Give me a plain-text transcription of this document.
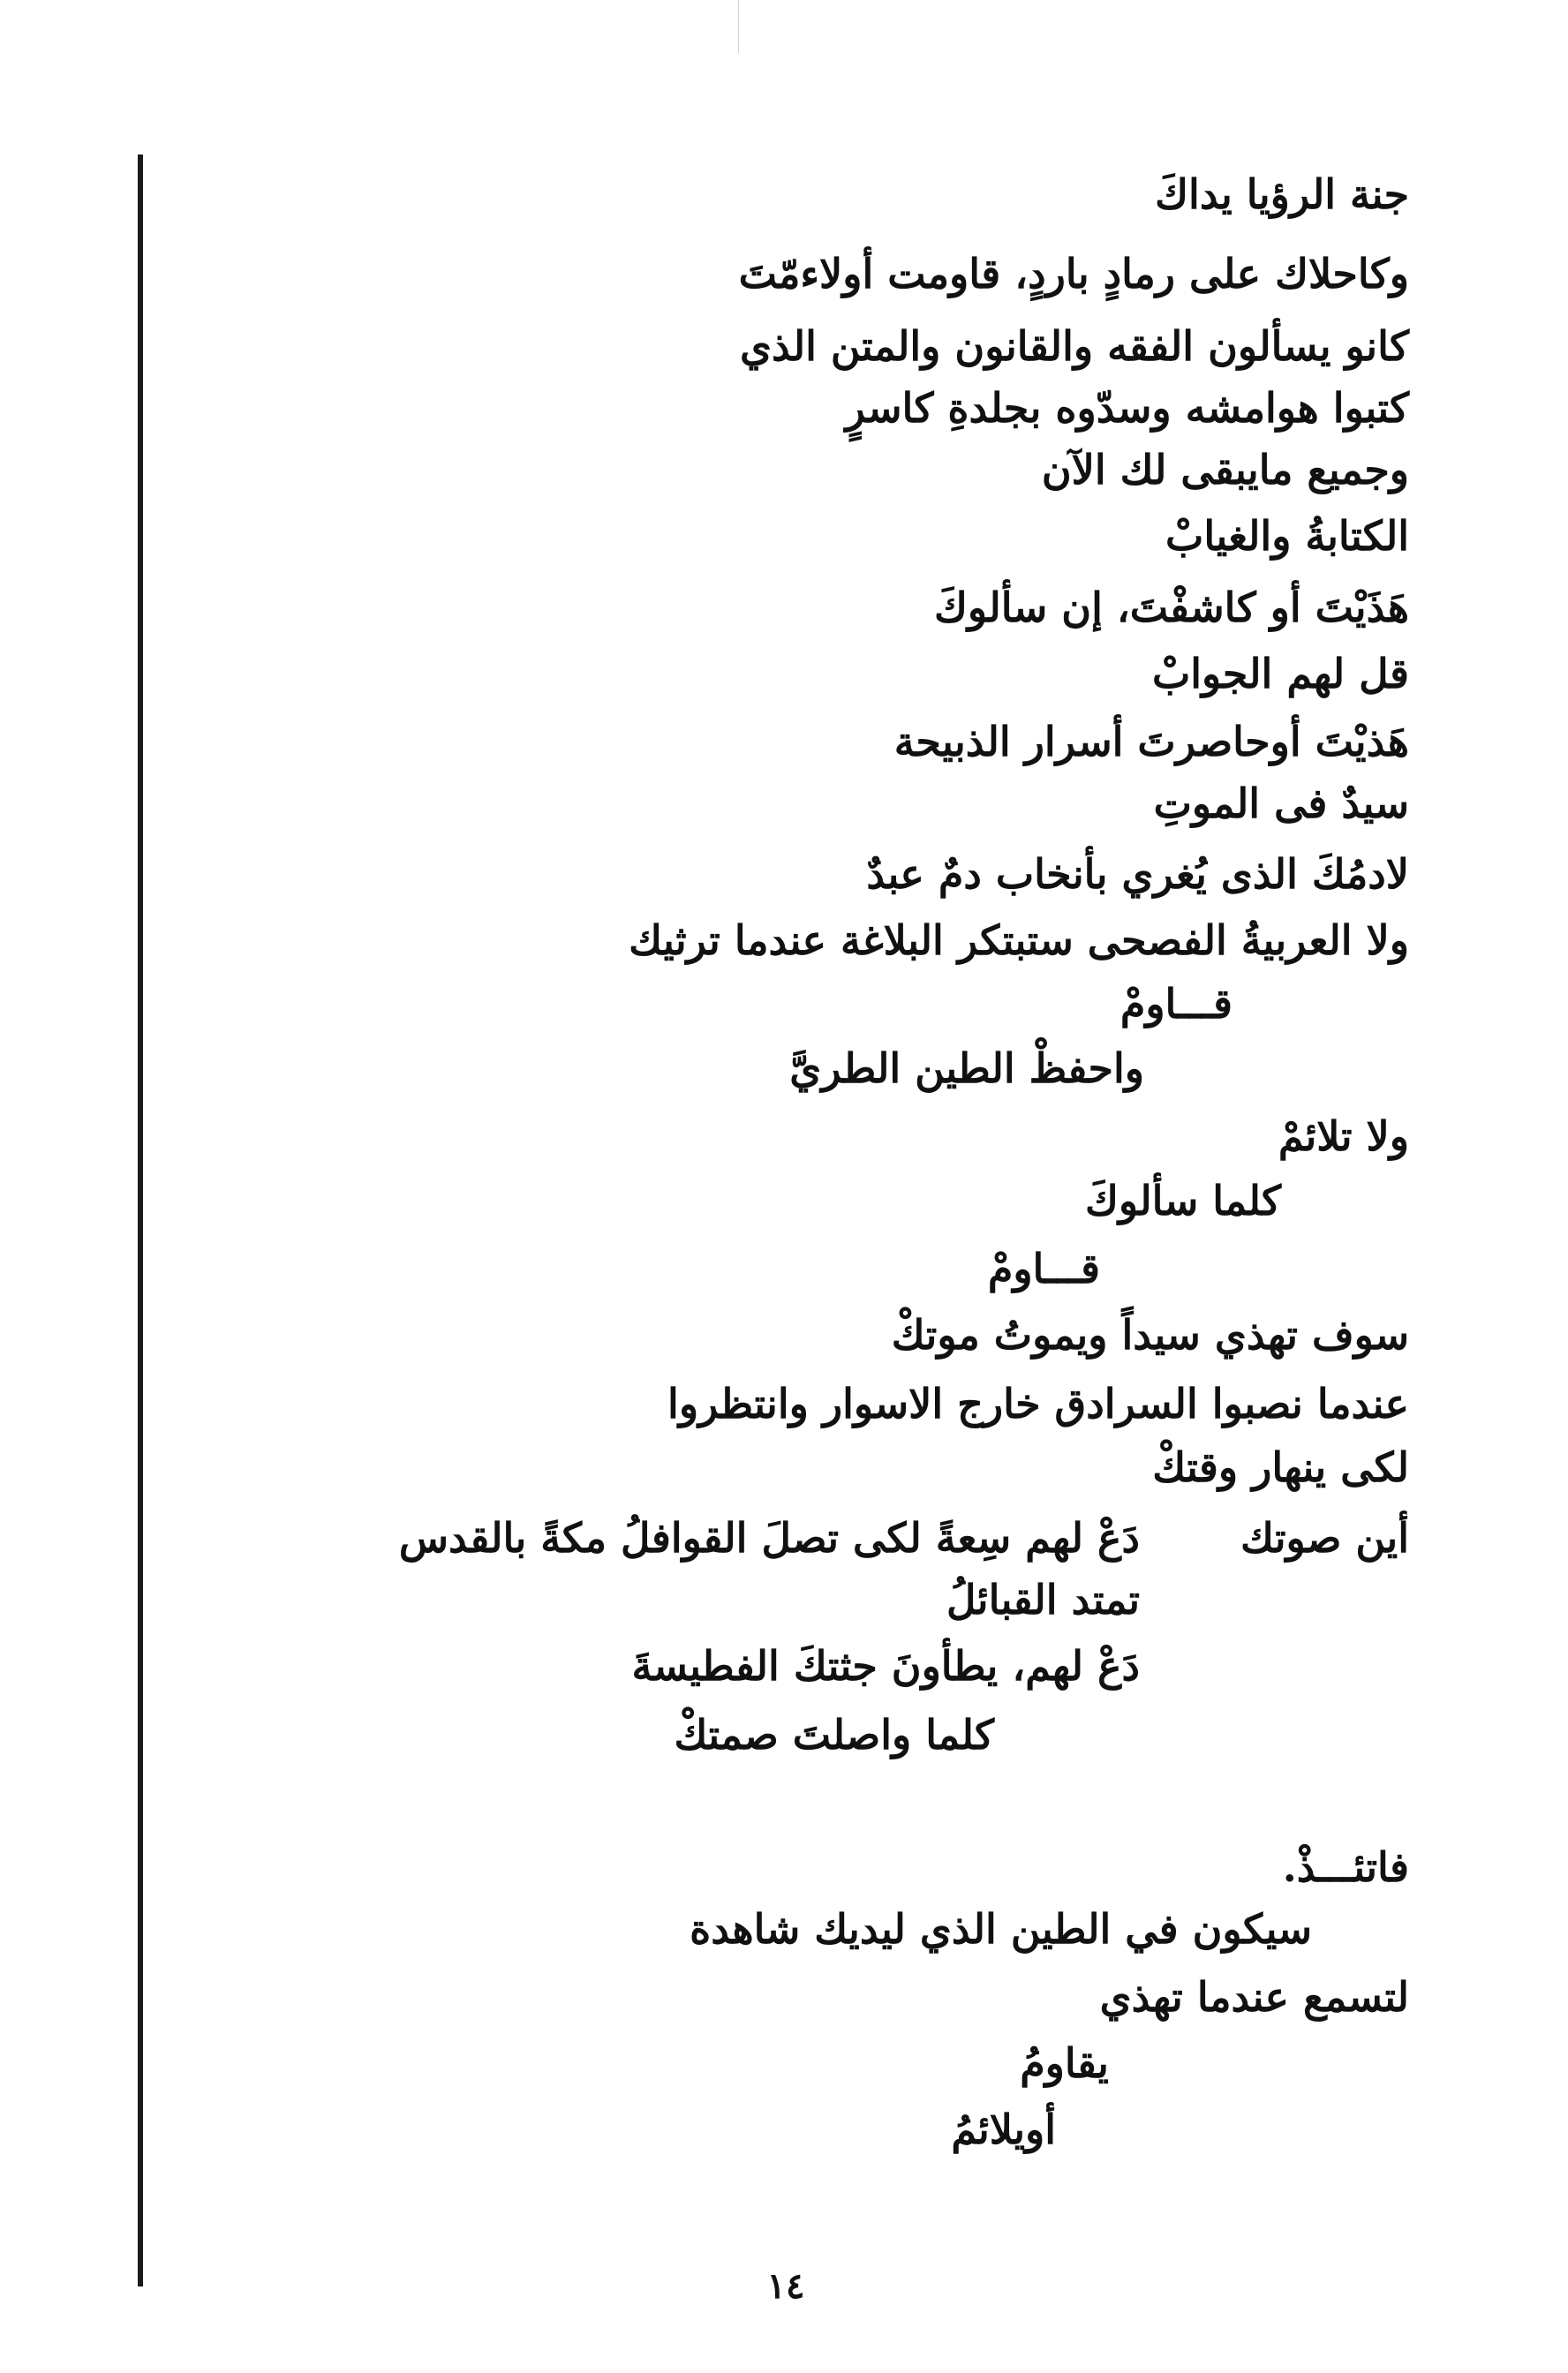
جنة الرؤيا يداكَ
وكاحلاك على رمادٍ باردٍ، قاومت أولاءمّتَ
كانو يسألون الفقه والقانون والمتن الذي
كتبوا هوامشه وسدّوه بجلدةِ كاسرٍ
وجميع مايبقى لك الآن
الكتابةُ والغيابْ
هَذَيْتَ أو كاشفْتَ، إن سألوكَ
قل لهم الجوابْ
هَذيْتَ أوحاصرتَ أسرار الذبيحة
سيدٌ فى الموتِ
لادمُكَ الذى يُغري بأنخاب دمٌ عبدٌ
ولا العربيةُ الفصحى ستبتكر البلاغة عندما ترثيك
قـــاومْ
واحفظْ الطين الطريَّ
ولا تلائمْ
كلما سألوكَ
قـــاومْ
سوف تهذي سيداً ويموتُ موتكْ
عندما نصبوا السرادق خارج الاسوار وانتظروا
لكى ينهار وقتكْ
أين صوتك
دَعْ لهم سِعةً لكى تصلَ القوافلُ مكةً بالقدس
تمتد القبائلُ
دَعْ لهم، يطأونَ جثتكَ الفطيسةَ
كلما واصلتَ صمتكْ
فاتئـــذْ.
سيكون في الطين الذي ليديك شاهدة
لتسمع عندما تهذي
يقاومُ
أويلائمُ
١٤
